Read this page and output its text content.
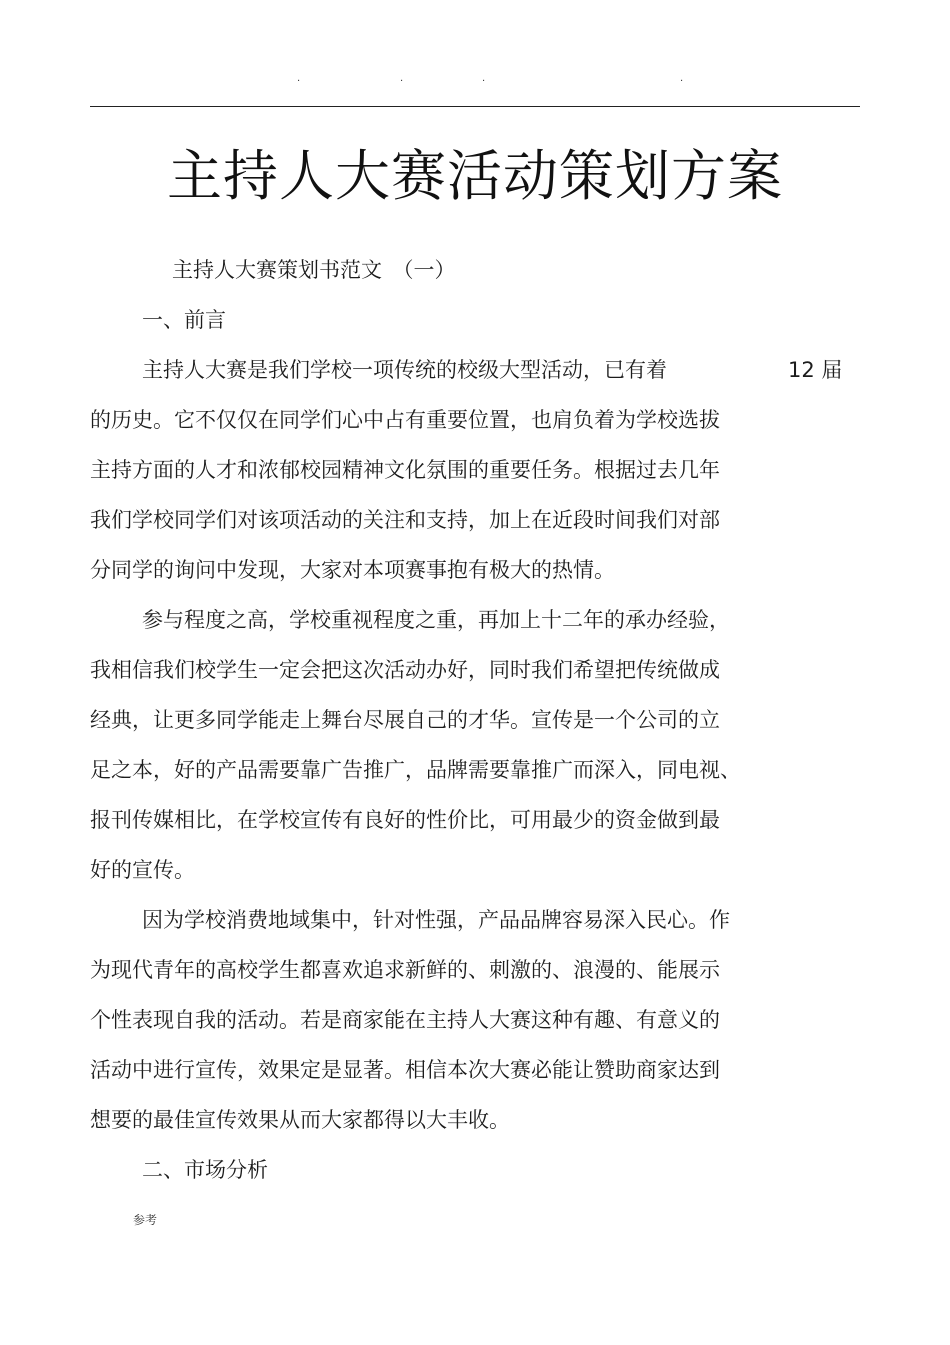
.	.	.	.
主持人大赛活动策划方案
主持人大赛策划书范文　（一）
一、前言
主持人大赛是我们学校一项传统的校级大型活动，已有着	12 届
的历史。它不仅仅在同学们心中占有重要位置，也肩负着为学校选拔
主持方面的人才和浓郁校园精神文化氛围的重要任务。根据过去几年
我们学校同学们对该项活动的关注和支持，加上在近段时间我们对部
分同学的询问中发现，大家对本项赛事抱有极大的热情。
参与程度之高，学校重视程度之重，再加上十二年的承办经验，
我相信我们校学生一定会把这次活动办好，同时我们希望把传统做成
经典，让更多同学能走上舞台尽展自己的才华。宣传是一个公司的立
足之本，好的产品需要靠广告推广，品牌需要靠推广而深入，同电视、
报刊传媒相比，在学校宣传有良好的性价比，可用最少的资金做到最
好的宣传。
因为学校消费地域集中，针对性强，产品品牌容易深入民心。作
为现代青年的高校学生都喜欢追求新鲜的、刺激的、浪漫的、能展示
个性表现自我的活动。若是商家能在主持人大赛这种有趣、有意义的
活动中进行宣传，效果定是显著。相信本次大赛必能让赞助商家达到
想要的最佳宣传效果从而大家都得以大丰收。
二、市场分析
参考
